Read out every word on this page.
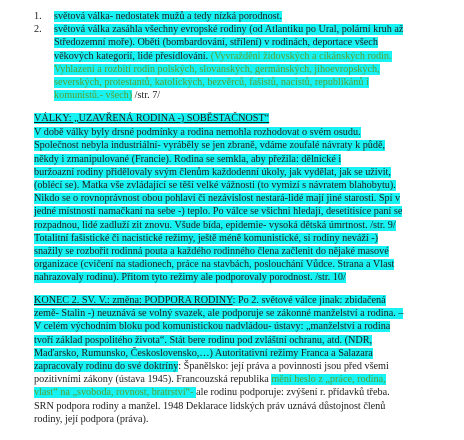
1. světová válka- nedostatek mužů a tedy nízká porodnost.
2. světová válka zasáhla všechny evropské rodiny (od Atlantiku po Ural, polární kruh až
Středozemní moře). Oběti (bombardování, střílení) v rodinách, deportace všech
věkových kategorií, lidé přesídlování. (Vyvražděni židovských a cikánských rodin.
Vyhlazení a rozbití rodin polských, slovanských, germánských, jihoevropských,
severských, protestantů, katolických, bezvěrců, fašistů, nacistů, republikánů i
komunistů.- všech) /str. 7/
VÁLKY: „UZAVŘENÁ RODINA -) SOBĚSTAČNOST“
V době války byly drsné podmínky a rodina nemohla rozhodovat o svém osudu.
Společnost nebyla industriální- vyráběly se jen zbraně, vdáme zoufalé návraty k půdě,
někdy i zmanipulované (Francie). Rodina se semkla, aby přežila: dělnické i
buržoazní rodiny přidělovaly svým členům každodenní úkoly, jak vydělat, jak se uživit,
(oblécí se). Matka vše zvládající se těší velké vážnosti (to vymizí s návratem blahobytu).
Nikdo se o rovnoprávnost obou pohlaví či nezávislost nestará-lidé mají jiné starosti. Spí v
jedné místnosti namačkaní na sebe -) teplo. Po válce se všichni hledají, desetitisíce paní se
rozpadnou, lidé zadluží zit znovu. Všude bída, epidemie- vysoká dětská úmrtnost. /str. 9/
Totalitní fašistické či nacistické režimy, ještě méně komunistické, si rodiny neváží -)
snažily se rozbořit rodinná pouta a každého rodinného člena začlenit do nějaké masové
organizace (cvičení na stadionech, práce na stavbách, poslouchání Vůdce. Strana a Vlast
nahrazovaly rodinu). Přitom tyto režimy ale podporovaly porodnost. /str. 10/
KONEC 2. SV. V.: změna: PODPORA RODINY: Po 2. světové válce jinak: zbidačená
země- Stalin -) neuznává se volný svazek, ale podporuje se zákonné manželství a rodina. –
V celém východním bloku pod komunistickou nadvládou- ústavy: „manželství a rodina
tvoří základ pospolitého života“. Stát bere rodinu pod zvláštní ochranu, atd. (NDR,
Maďarsko, Rumunsko, Československo,…) Autoritativní režimy Franca a Salazara
zapracovaly rodinu do své doktríny: Španělsko: její práva a povinnosti jsou před všemi
pozitivními zákony (ústava 1945). Francouzská republika mění heslo z „práce, rodina,
vlast“ na „svoboda, rovnost, bratrství“- ale rodinu podporuje: zvýšení r. přídavků třeba.
SRN podpora rodiny a manžel. 1948 Deklarace lidských práv uznává důstojnost členů
rodiny, její podpora (práva).
